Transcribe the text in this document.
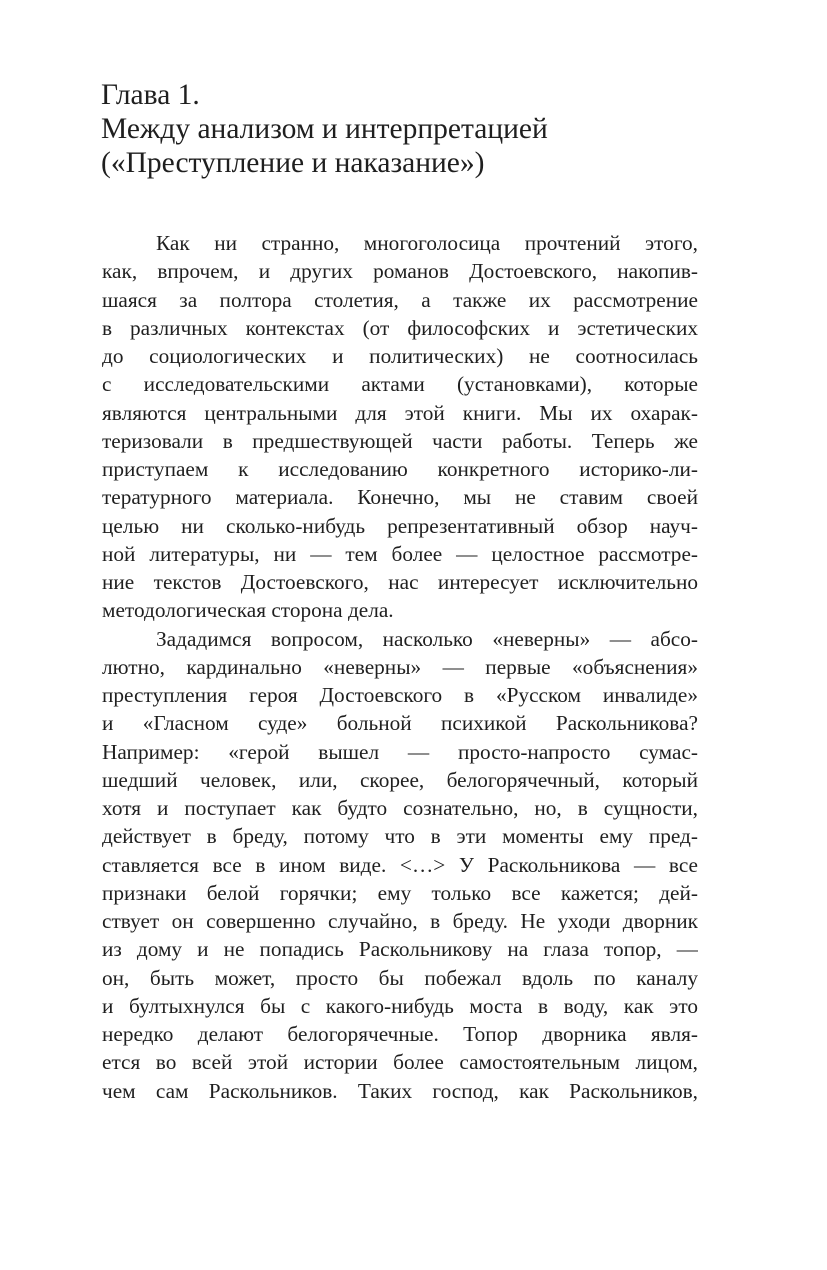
Глава 1.
Между анализом и интерпретацией
(«Преступление и наказание»)
Как ни странно, многоголосица прочтений этого,
как, впрочем, и других романов Достоевского, накопив-
шаяся за полтора столетия, а также их рассмотрение
в различных контекстах (от философских и эстетических
до социологических и политических) не соотносилась
с исследовательскими актами (установками), которые
являются центральными для этой книги. Мы их охарак-
теризовали в предшествующей части работы. Теперь же
приступаем к исследованию конкретного историко-ли-
тературного материала. Конечно, мы не ставим своей
целью ни сколько-нибудь репрезентативный обзор науч-
ной литературы, ни — тем более — целостное рассмотре-
ние текстов Достоевского, нас интересует исключительно
методологическая сторона дела.
Зададимся вопросом, насколько «неверны» — абсо-
лютно, кардинально «неверны» — первые «объяснения»
преступления героя Достоевского в «Русском инвалиде»
и «Гласном суде» больной психикой Раскольникова?
Например: «герой вышел — просто-напросто сумас-
шедший человек, или, скорее, белогорячечный, который
хотя и поступает как будто сознательно, но, в сущности,
действует в бреду, потому что в эти моменты ему пред-
ставляется все в ином виде. <…> У Раскольникова — все
признаки белой горячки; ему только все кажется; дей-
ствует он совершенно случайно, в бреду. Не уходи дворник
из дому и не попадись Раскольникову на глаза топор, —
он, быть может, просто бы побежал вдоль по каналу
и бултыхнулся бы с какого-нибудь моста в воду, как это
нередко делают белогорячечные. Топор дворника явля-
ется во всей этой истории более самостоятельным лицом,
чем сам Раскольников. Таких господ, как Раскольников,
